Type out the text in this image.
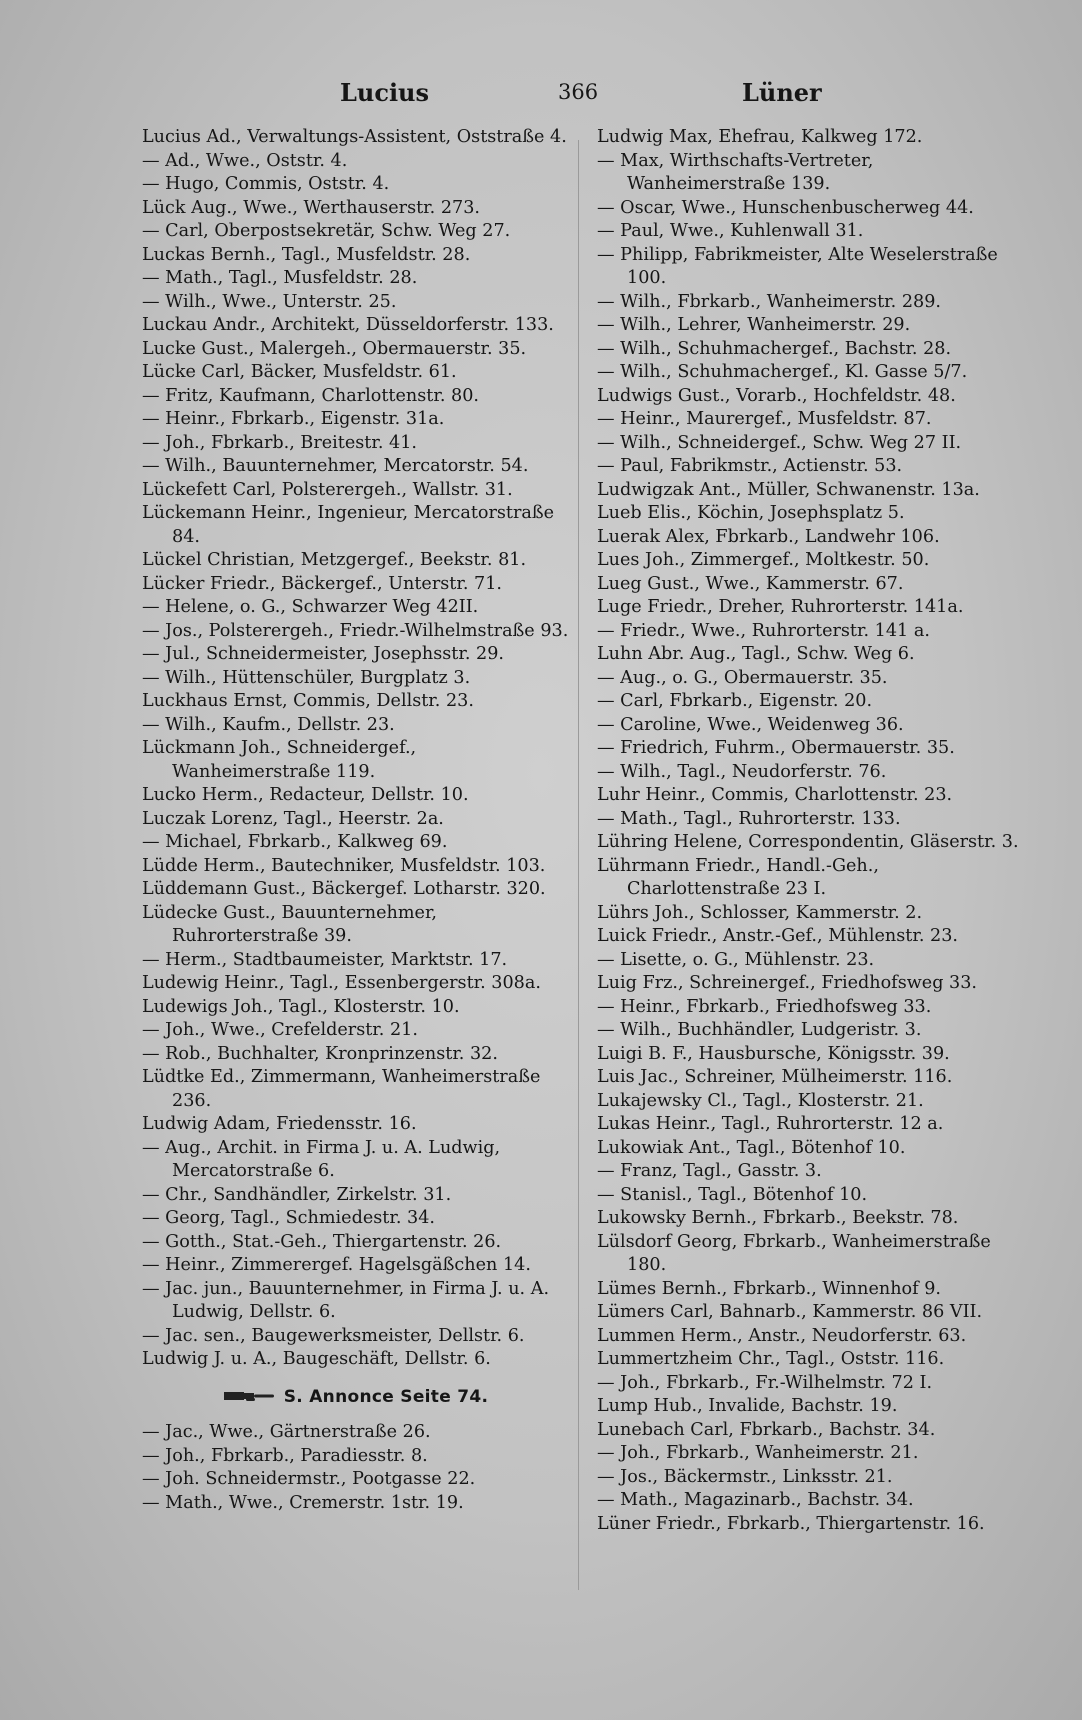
Lucius	366	Lüner
Lucius Ad., Verwaltungs-Assistent, Oststraße 4.
— Ad., Wwe., Oststr. 4.
— Hugo, Commis, Oststr. 4.
Lück Aug., Wwe., Werthauserstr. 273.
— Carl, Oberpostsekretär, Schw. Weg 27.
Luckas Bernh., Tagl., Musfeldstr. 28.
— Math., Tagl., Musfeldstr. 28.
— Wilh., Wwe., Unterstr. 25.
Luckau Andr., Architekt, Düsseldorferstr. 133.
Lucke Gust., Malergeh., Obermauerstr. 35.
Lücke Carl, Bäcker, Musfeldstr. 61.
— Fritz, Kaufmann, Charlottenstr. 80.
— Heinr., Fbrkarb., Eigenstr. 31a.
— Joh., Fbrkarb., Breitestr. 41.
— Wilh., Bauunternehmer, Mercatorstr. 54.
Lückefett Carl, Polsterergeh., Wallstr. 31.
Lückemann Heinr., Ingenieur, Mercatorstraße 84.
Lückel Christian, Metzgergef., Beekstr. 81.
Lücker Friedr., Bäckergef., Unterstr. 71.
— Helene, o. G., Schwarzer Weg 42II.
— Jos., Polsterergeh., Friedr.-Wilhelmstraße 93.
— Jul., Schneidermeister, Josephsstr. 29.
— Wilh., Hüttenschüler, Burgplatz 3.
Luckhaus Ernst, Commis, Dellstr. 23.
— Wilh., Kaufm., Dellstr. 23.
Lückmann Joh., Schneidergef., Wanheimerstraße 119.
Lucko Herm., Redacteur, Dellstr. 10.
Luczak Lorenz, Tagl., Heerstr. 2a.
— Michael, Fbrkarb., Kalkweg 69.
Lüdde Herm., Bautechniker, Musfeldstr. 103.
Lüddemann Gust., Bäckergef. Lotharstr. 320.
Lüdecke Gust., Bauunternehmer, Ruhrorterstraße 39.
— Herm., Stadtbaumeister, Marktstr. 17.
Ludewig Heinr., Tagl., Essenbergerstr. 308a.
Ludewigs Joh., Tagl., Klosterstr. 10.
— Joh., Wwe., Crefelderstr. 21.
— Rob., Buchhalter, Kronprinzenstr. 32.
Lüdtke Ed., Zimmermann, Wanheimerstraße 236.
Ludwig Adam, Friedensstr. 16.
— Aug., Archit. in Firma J. u. A. Ludwig, Mercatorstraße 6.
— Chr., Sandhändler, Zirkelstr. 31.
— Georg, Tagl., Schmiedestr. 34.
— Gotth., Stat.-Geh., Thiergartenstr. 26.
— Heinr., Zimmerergef. Hagelsgäßchen 14.
— Jac. jun., Bauunternehmer, in Firma J. u. A. Ludwig, Dellstr. 6.
— Jac. sen., Baugewerksmeister, Dellstr. 6.
Ludwig J. u. A., Baugeschäft, Dellstr. 6.
S. Annonce Seite 74.
— Jac., Wwe., Gärtnerstraße 26.
— Joh., Fbrkarb., Paradiesstr. 8.
— Joh. Schneidermstr., Pootgasse 22.
— Math., Wwe., Cremerstr. 1str. 19.
Ludwig Max, Ehefrau, Kalkweg 172.
— Max, Wirthschafts-Vertreter, Wanheimerstraße 139.
— Oscar, Wwe., Hunschenbuscherweg 44.
— Paul, Wwe., Kuhlenwall 31.
— Philipp, Fabrikmeister, Alte Weselerstraße 100.
— Wilh., Fbrkarb., Wanheimerstr. 289.
— Wilh., Lehrer, Wanheimerstr. 29.
— Wilh., Schuhmachergef., Bachstr. 28.
— Wilh., Schuhmachergef., Kl. Gasse 5/7.
Ludwigs Gust., Vorarb., Hochfeldstr. 48.
— Heinr., Maurergef., Musfeldstr. 87.
— Wilh., Schneidergef., Schw. Weg 27 II.
— Paul, Fabrikmstr., Actienstr. 53.
Ludwigzak Ant., Müller, Schwanenstr. 13a.
Lueb Elis., Köchin, Josephsplatz 5.
Luerak Alex, Fbrkarb., Landwehr 106.
Lues Joh., Zimmergef., Moltkestr. 50.
Lueg Gust., Wwe., Kammerstr. 67.
Luge Friedr., Dreher, Ruhrorterstr. 141a.
— Friedr., Wwe., Ruhrorterstr. 141 a.
Luhn Abr. Aug., Tagl., Schw. Weg 6.
— Aug., o. G., Obermauerstr. 35.
— Carl, Fbrkarb., Eigenstr. 20.
— Caroline, Wwe., Weidenweg 36.
— Friedrich, Fuhrm., Obermauerstr. 35.
— Wilh., Tagl., Neudorferstr. 76.
Luhr Heinr., Commis, Charlottenstr. 23.
— Math., Tagl., Ruhrorterstr. 133.
Lühring Helene, Correspondentin, Gläserstr. 3.
Lührmann Friedr., Handl.-Geh., Charlottenstraße 23 I.
Lührs Joh., Schlosser, Kammerstr. 2.
Luick Friedr., Anstr.-Gef., Mühlenstr. 23.
— Lisette, o. G., Mühlenstr. 23.
Luig Frz., Schreinergef., Friedhofsweg 33.
— Heinr., Fbrkarb., Friedhofsweg 33.
— Wilh., Buchhändler, Ludgeristr. 3.
Luigi B. F., Hausbursche, Königsstr. 39.
Luis Jac., Schreiner, Mülheimerstr. 116.
Lukajewsky Cl., Tagl., Klosterstr. 21.
Lukas Heinr., Tagl., Ruhrorterstr. 12 a.
Lukowiak Ant., Tagl., Bötenhof 10.
— Franz, Tagl., Gasstr. 3.
— Stanisl., Tagl., Bötenhof 10.
Lukowsky Bernh., Fbrkarb., Beekstr. 78.
Lülsdorf Georg, Fbrkarb., Wanheimerstraße 180.
Lümes Bernh., Fbrkarb., Winnenhof 9.
Lümers Carl, Bahnarb., Kammerstr. 86 VII.
Lummen Herm., Anstr., Neudorferstr. 63.
Lummertzheim Chr., Tagl., Oststr. 116.
— Joh., Fbrkarb., Fr.-Wilhelmstr. 72 I.
Lump Hub., Invalide, Bachstr. 19.
Lunebach Carl, Fbrkarb., Bachstr. 34.
— Joh., Fbrkarb., Wanheimerstr. 21.
— Jos., Bäckermstr., Linksstr. 21.
— Math., Magazinarb., Bachstr. 34.
Lüner Friedr., Fbrkarb., Thiergartenstr. 16.
